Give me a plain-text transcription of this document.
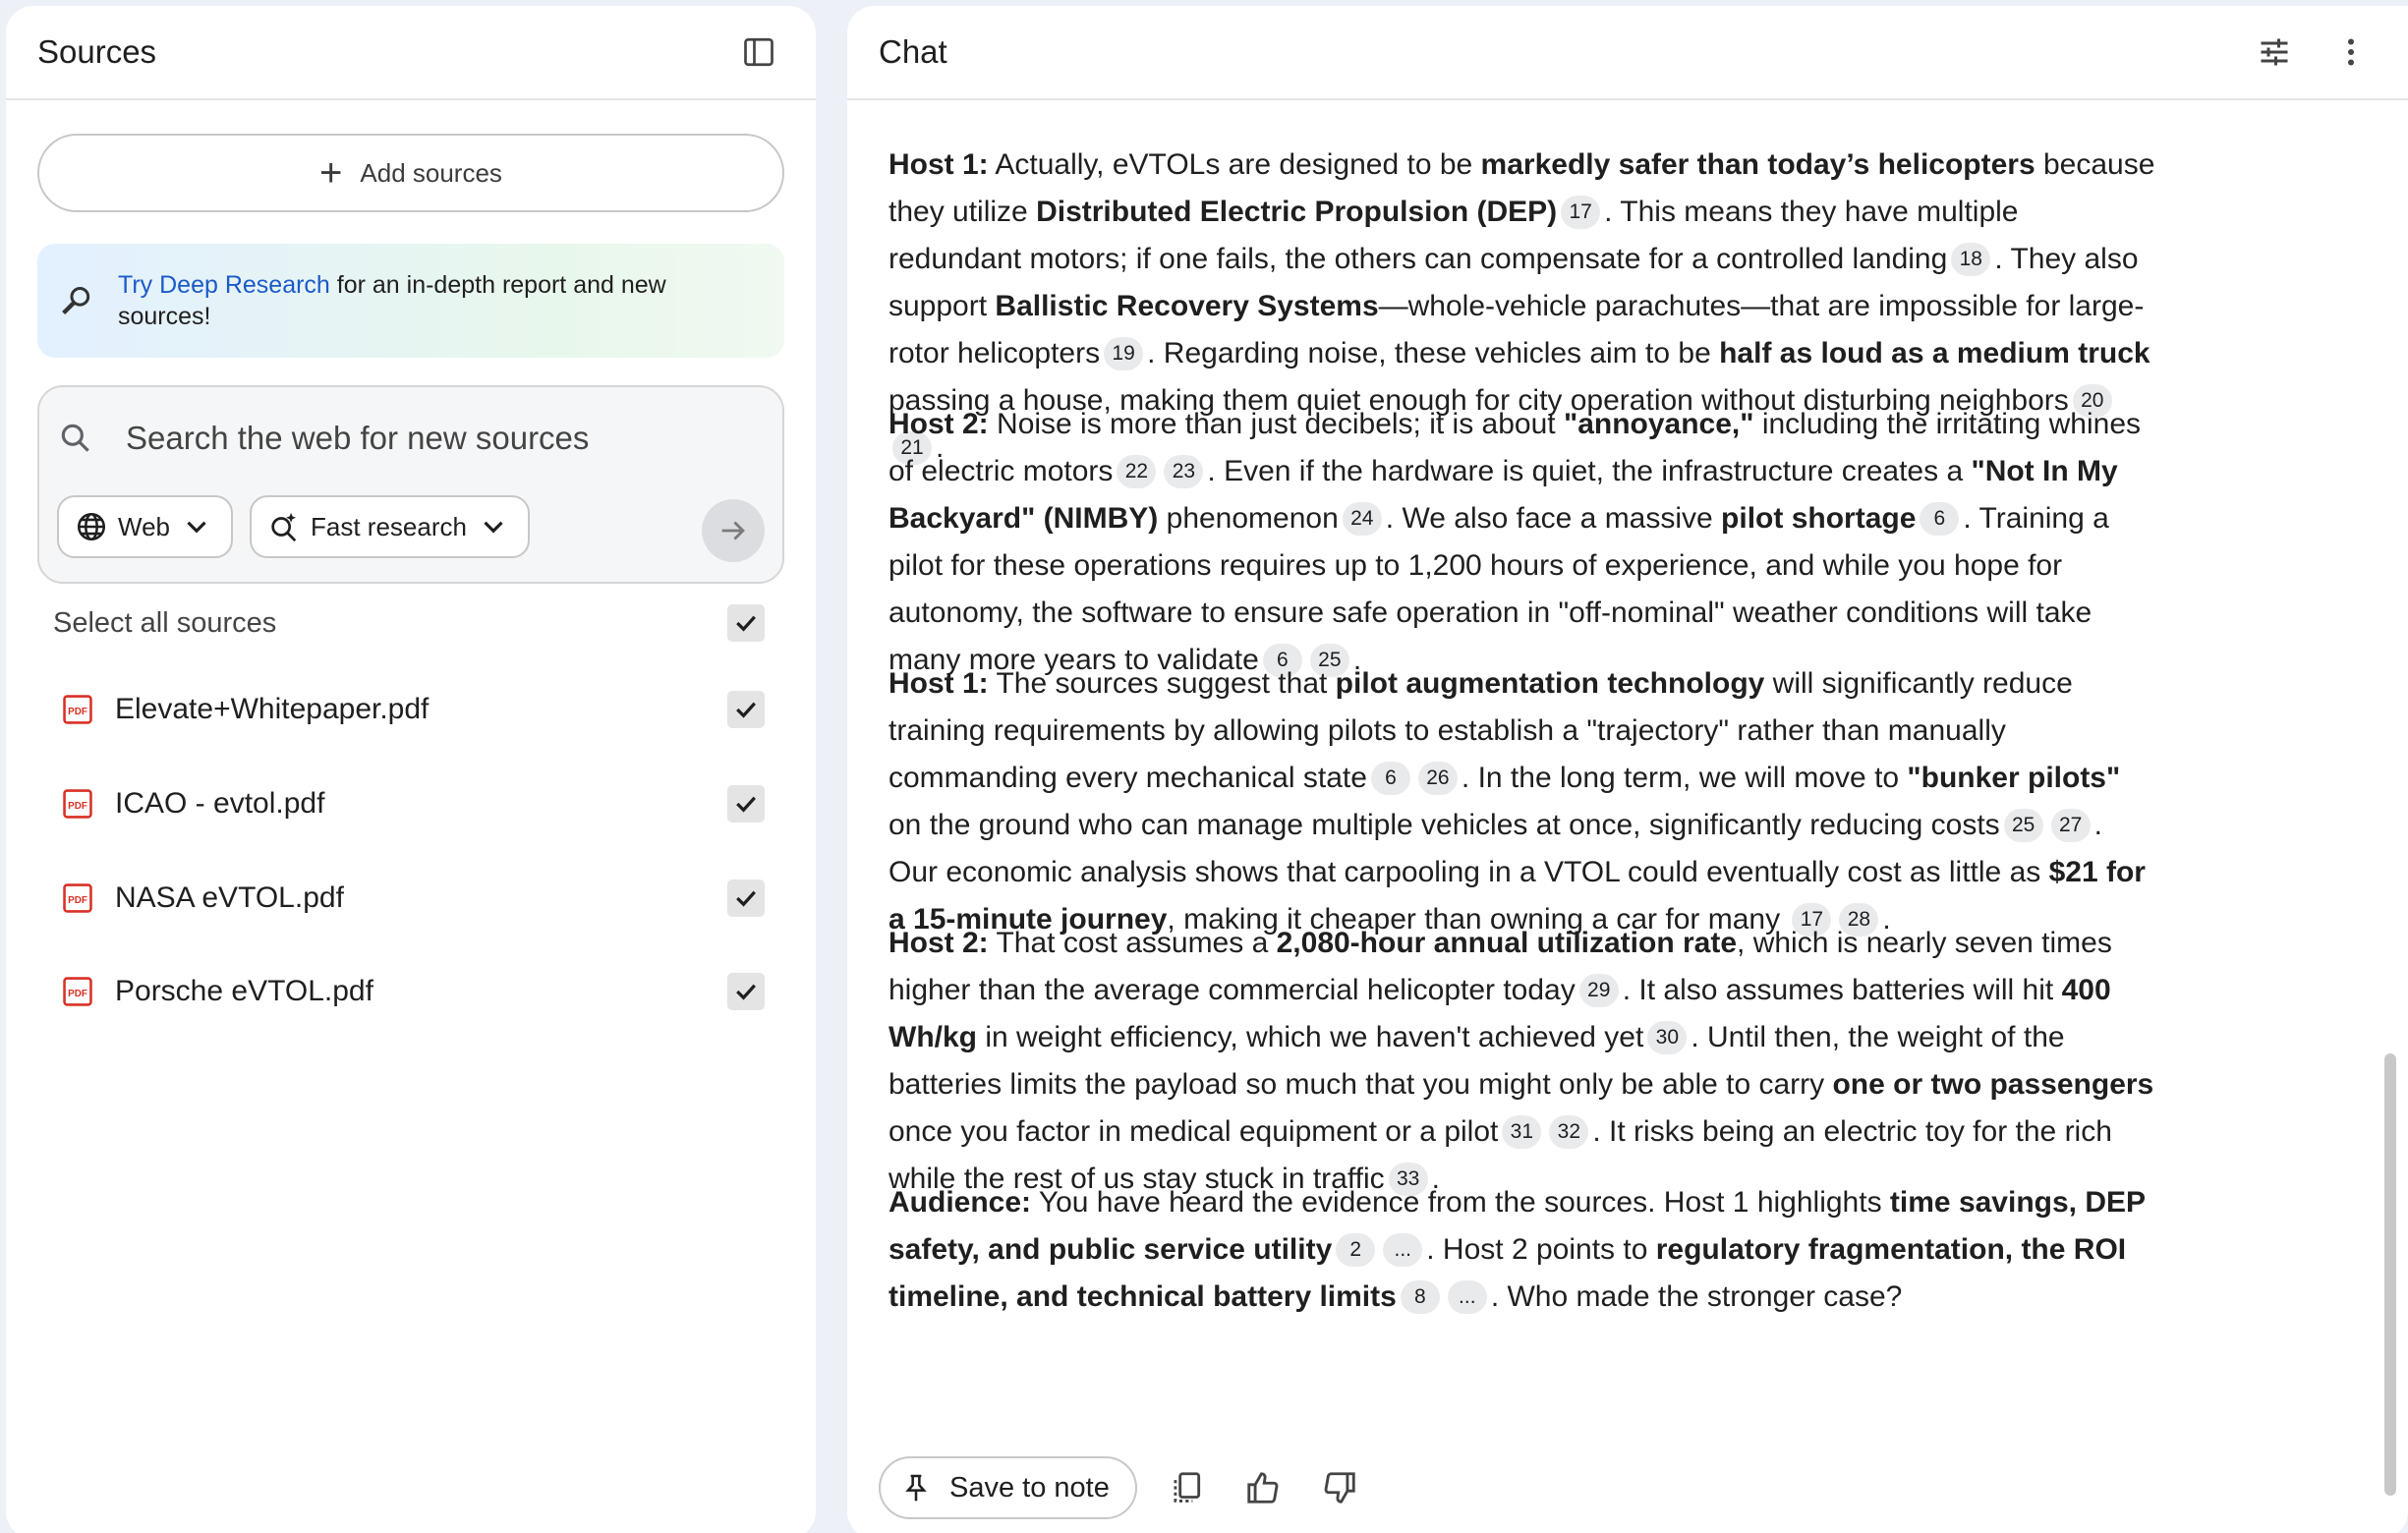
Sources
+ Add sources
Try Deep Research for an in-depth report and new sources!
Search the web for new sources
Web	Fast research
Select all sources
PDF Elevate+Whitepaper.pdf
PDF ICAO - evtol.pdf
PDF NASA eVTOL.pdf
PDF Porsche eVTOL.pdf
Chat

Host 1: Actually, eVTOLs are designed to be markedly safer than today’s helicopters because they utilize Distributed Electric Propulsion (DEP) 17 . This means they have multiple redundant motors; if one fails, the others can compensate for a controlled landing 18 . They also support Ballistic Recovery Systems—whole-vehicle parachutes—that are impossible for large-rotor helicopters 19 . Regarding noise, these vehicles aim to be half as loud as a medium truck passing a house, making them quiet enough for city operation without disturbing neighbors 2021 .

Host 2: Noise is more than just decibels; it is about "annoyance," including the irritating whines of electric motors 22 23 . Even if the hardware is quiet, the infrastructure creates a "Not In My Backyard" (NIMBY) phenomenon 24 . We also face a massive pilot shortage 6 . Training a pilot for these operations requires up to 1,200 hours of experience, and while you hope for autonomy, the software to ensure safe operation in "off-nominal" weather conditions will take many more years to validate 6 25 .

Host 1: The sources suggest that pilot augmentation technology will significantly reduce training requirements by allowing pilots to establish a "trajectory" rather than manually commanding every mechanical state 6 26 . In the long term, we will move to "bunker pilots" on the ground who can manage multiple vehicles at once, significantly reducing costs 25 27 . Our economic analysis shows that carpooling in a VTOL could eventually cost as little as $21 for a 15-minute journey, making it cheaper than owning a car for many 17 28 .

Host 2: That cost assumes a 2,080-hour annual utilization rate, which is nearly seven times higher than the average commercial helicopter today 29 . It also assumes batteries will hit 400 Wh/kg in weight efficiency, which we haven't achieved yet 30 . Until then, the weight of the batteries limits the payload so much that you might only be able to carry one or two passengers once you factor in medical equipment or a pilot 31 32 . It risks being an electric toy for the rich while the rest of us stay stuck in traffic 33 .

Audience: You have heard the evidence from the sources. Host 1 highlights time savings, DEP safety, and public service utility 2 ... . Host 2 points to regulatory fragmentation, the ROI timeline, and technical battery limits 8 ... . Who made the stronger case?

Save to note
